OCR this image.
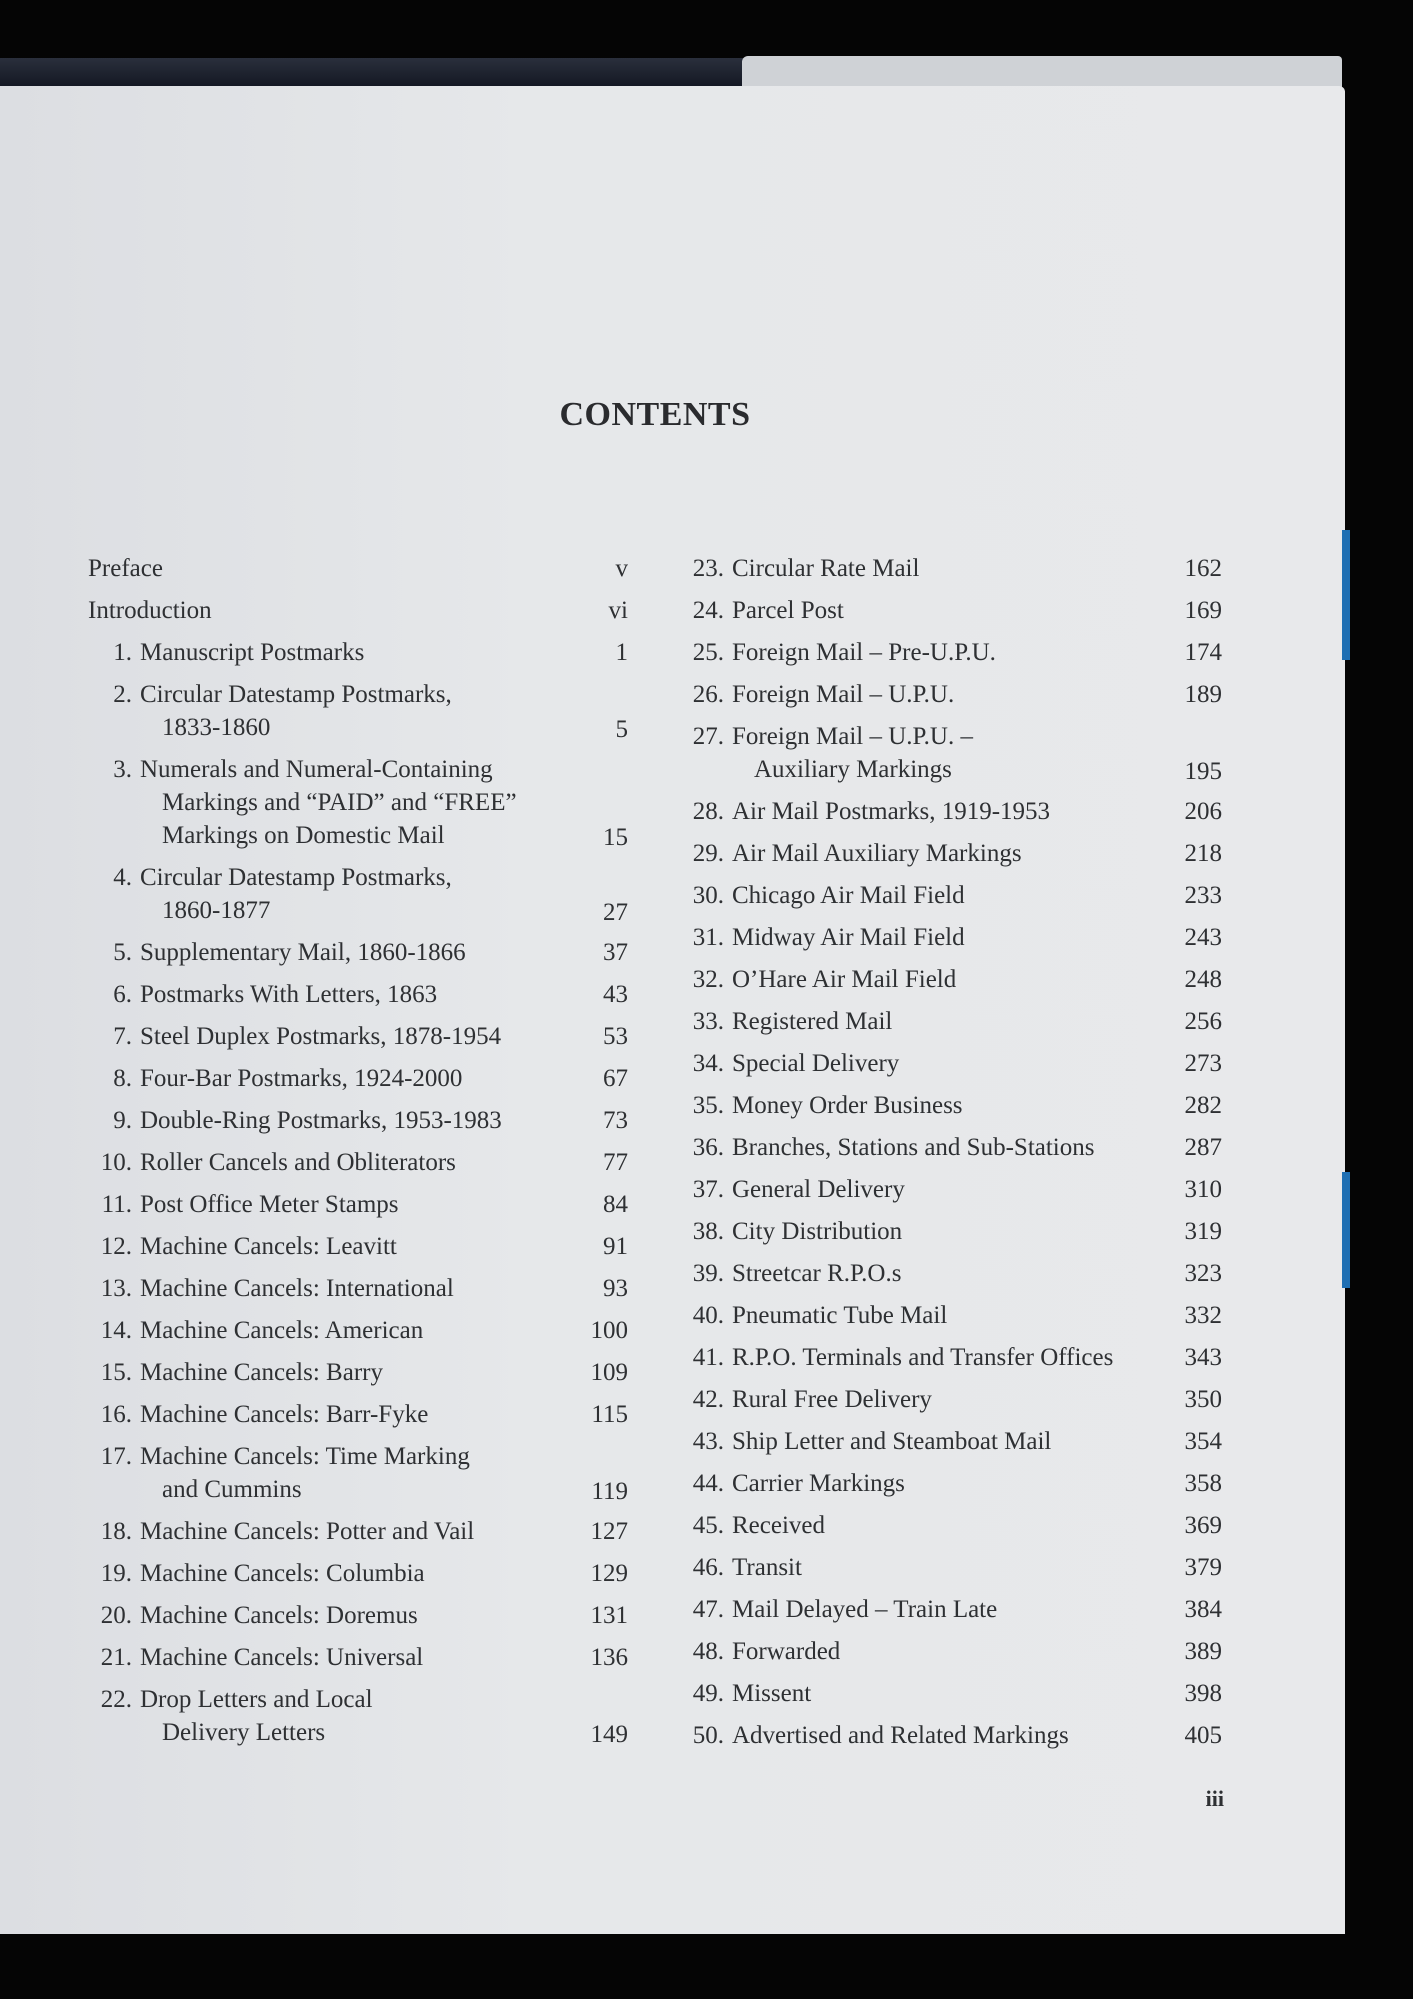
CONTENTS
Preface	v
Introduction	vi
1. Manuscript Postmarks	1
2. Circular Datestamp Postmarks,
1833-1860	5
3. Numerals and Numeral-Containing
Markings and “PAID” and “FREE”
Markings on Domestic Mail	15
4. Circular Datestamp Postmarks,
1860-1877	27
5. Supplementary Mail, 1860-1866	37
6. Postmarks With Letters, 1863	43
7. Steel Duplex Postmarks, 1878-1954	53
8. Four-Bar Postmarks, 1924-2000	67
9. Double-Ring Postmarks, 1953-1983	73
10. Roller Cancels and Obliterators	77
11. Post Office Meter Stamps	84
12. Machine Cancels: Leavitt	91
13. Machine Cancels: International	93
14. Machine Cancels: American	100
15. Machine Cancels: Barry	109
16. Machine Cancels: Barr-Fyke	115
17. Machine Cancels: Time Marking
and Cummins	119
18. Machine Cancels: Potter and Vail	127
19. Machine Cancels: Columbia	129
20. Machine Cancels: Doremus	131
21. Machine Cancels: Universal	136
22. Drop Letters and Local
Delivery Letters	149
23. Circular Rate Mail	162
24. Parcel Post	169
25. Foreign Mail – Pre-U.P.U.	174
26. Foreign Mail – U.P.U.	189
27. Foreign Mail – U.P.U. –
Auxiliary Markings	195
28. Air Mail Postmarks, 1919-1953	206
29. Air Mail Auxiliary Markings	218
30. Chicago Air Mail Field	233
31. Midway Air Mail Field	243
32. O’Hare Air Mail Field	248
33. Registered Mail	256
34. Special Delivery	273
35. Money Order Business	282
36. Branches, Stations and Sub-Stations	287
37. General Delivery	310
38. City Distribution	319
39. Streetcar R.P.O.s	323
40. Pneumatic Tube Mail	332
41. R.P.O. Terminals and Transfer Offices	343
42. Rural Free Delivery	350
43. Ship Letter and Steamboat Mail	354
44. Carrier Markings	358
45. Received	369
46. Transit	379
47. Mail Delayed – Train Late	384
48. Forwarded	389
49. Missent	398
50. Advertised and Related Markings	405
iii
